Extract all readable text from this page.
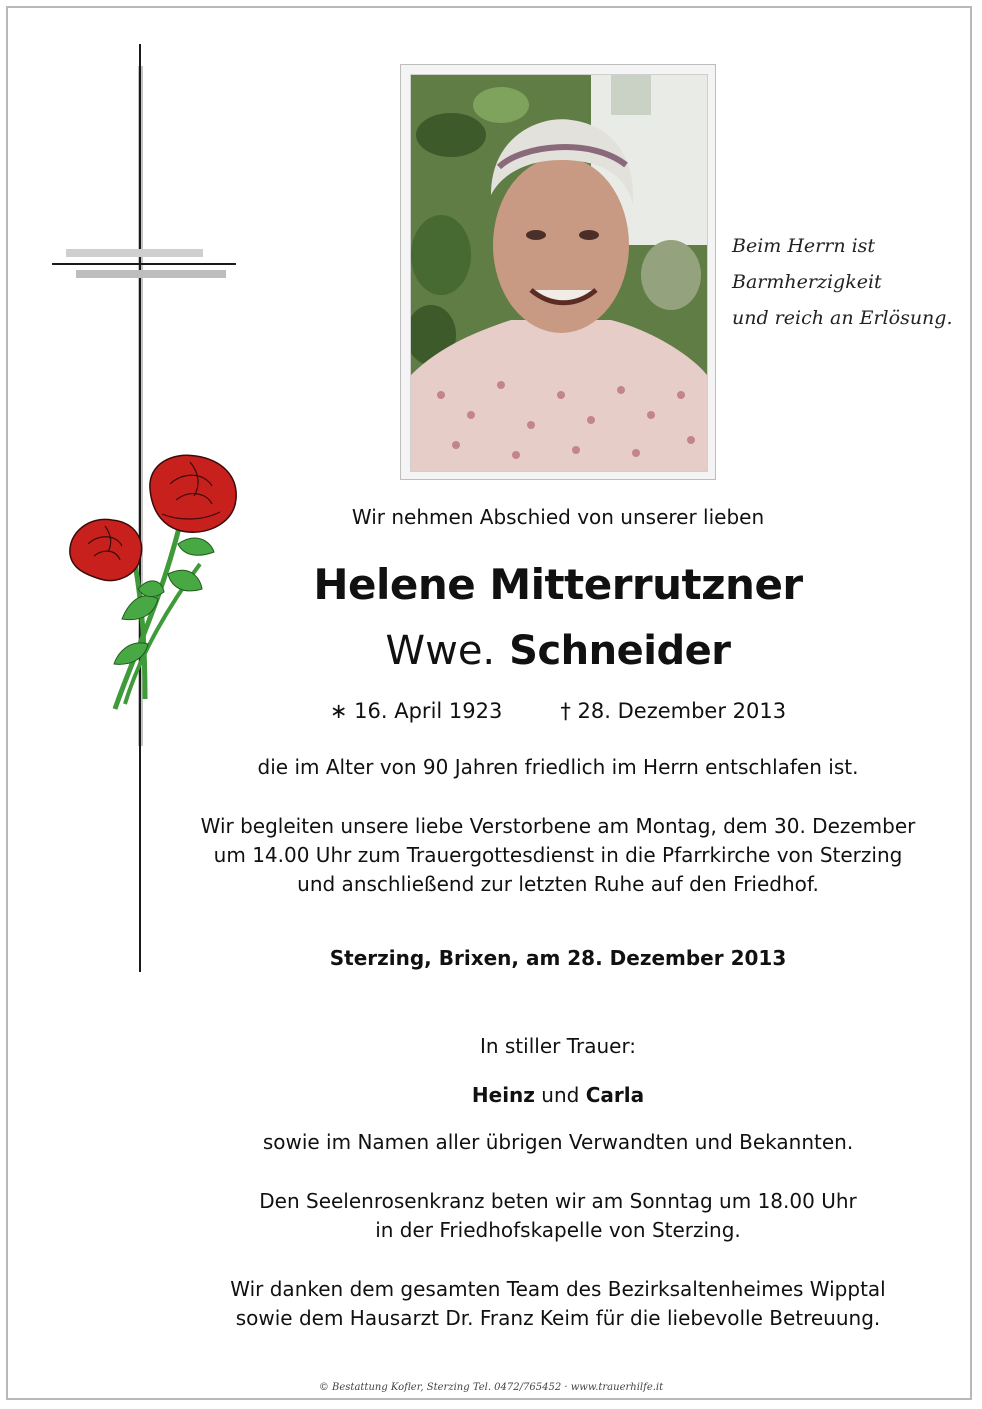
Beim Herrn ist
Barmherzigkeit
und reich an Erlösung.
Wir nehmen Abschied von unserer lieben
Helene Mitterrutzner
Wwe. Schneider
∗ 16. April 1923	† 28. Dezember 2013
die im Alter von 90 Jahren friedlich im Herrn entschlafen ist.
Wir begleiten unsere liebe Verstorbene am Montag, dem 30. Dezember
um 14.00 Uhr zum Trauergottesdienst in die Pfarrkirche von Sterzing
und anschließend zur letzten Ruhe auf den Friedhof.
Sterzing, Brixen, am 28. Dezember 2013
In stiller Trauer:
Heinz und Carla
sowie im Namen aller übrigen Verwandten und Bekannten.
Den Seelenrosenkranz beten wir am Sonntag um 18.00 Uhr
in der Friedhofskapelle von Sterzing.
Wir danken dem gesamten Team des Bezirksaltenheimes Wipptal
sowie dem Hausarzt Dr. Franz Keim für die liebevolle Betreuung.
© Bestattung Kofler, Sterzing Tel. 0472/765452 · www.trauerhilfe.it
